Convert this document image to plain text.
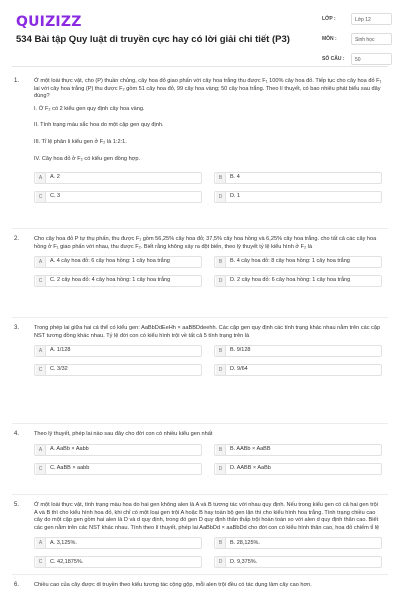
QUIZIZZ
534 Bài tập Quy luật di truyền cực hay có lời giải chi tiết (P3)
LỚP :	Lớp 12
MÔN :	Sinh học
SỐ CÂU :	50
1.	Ở một loài thực vật, cho (P) thuần chủng, cây hoa đỏ giao phấn với cây hoa trắng thu được F₁ 100% cây hoa đỏ. Tiếp tục cho cây hoa đỏ F₁ lai với cây hoa trắng (P) thu được F₂ gồm 51 cây hoa đỏ, 99 cây hoa vàng; 50 cây hoa trắng. Theo lí thuyết, có bao nhiêu phát biểu sau đây đúng?
I. Ở F₂ có 2 kiểu gen quy định cây hoa vàng.
II. Tính trạng màu sắc hoa do một cặp gen quy định.
III. Tỉ lệ phân li kiểu gen ở F₂ là 1:2:1.
IV. Cây hoa đỏ ở F₂ có kiểu gen đồng hợp.
A	A. 2	B	B. 4
C	C. 3	D	D. 1
2.	Cho cây hoa đỏ P tự thụ phấn, thu được F₁ gồm 56,25% cây hoa đỏ; 37,5% cây hoa hồng và 6,25% cây hoa trắng. cho tất cả các cây hoa hồng ở F₁ giao phấn với nhau, thu được F₂. Biết rằng không xảy ra đột biến, theo lý thuyết tỷ lệ kiểu hình ở F₂ là
A	A. 4 cây hoa đỏ: 6 cây hoa hồng: 1 cây hoa trắng	B	B. 4 cây hoa đỏ: 8 cây hoa hồng: 1 cây hoa trắng
C	C. 2 cây hoa đỏ: 4 cây hoa hồng: 1 cây hoa trắng	D	D. 2 cây hoa đỏ: 6 cây hoa hồng: 1 cây hoa trắng
3.	Trong phép lai giữa hai cá thể có kiểu gen: AaBbDdEeHh × aaBBDdeehh. Các cặp gen quy định các tính trạng khác nhau nằm trên các cặp NST tương đồng khác nhau. Tỷ lệ đời con có kiểu hình trội về tất cả 5 tính trạng trên là
A	A. 1/128	B	B. 9/128
C	C. 3/32	D	D. 9/64
4.	Theo lý thuyết, phép lai nào sau đây cho đời con có nhiều kiểu gen nhất
A	A. AaBb × Aabb	B	B. AABb × AaBB
C	C. AaBB × aabb	D	D. AABB × AaBb
5.	Ở một loài thực vật, tính trạng màu hoa do hai gen không alen là A và B tương tác với nhau quy định. Nếu trong kiểu gen có cả hai gen trội A và B thì cho kiểu hình hoa đỏ, khi chỉ có một loại gen trội A hoặc B hay toàn bộ gen lặn thì cho kiểu hình hoa trắng. Tính trạng chiều cao cây do một cặp gen gồm hai alen là D và d quy định, trong đó gen D quy định thân thấp trội hoàn toàn so với alen d quy định thân cao. Biết các gen nằm trên các NST khác nhau. Tính theo lí thuyết, phép lai AaBbDd × aaBbDd cho đời con có kiểu hình thân cao, hoa đỏ chiếm tỉ lệ
A	A. 3,125%.	B	B. 28,125%.
C	C. 42,1875%.	D	D. 9,375%.
6.	Chiều cao của cây được di truyền theo kiểu tương tác cộng gộp, mỗi alen trội đều có tác dụng làm cây cao hơn.
